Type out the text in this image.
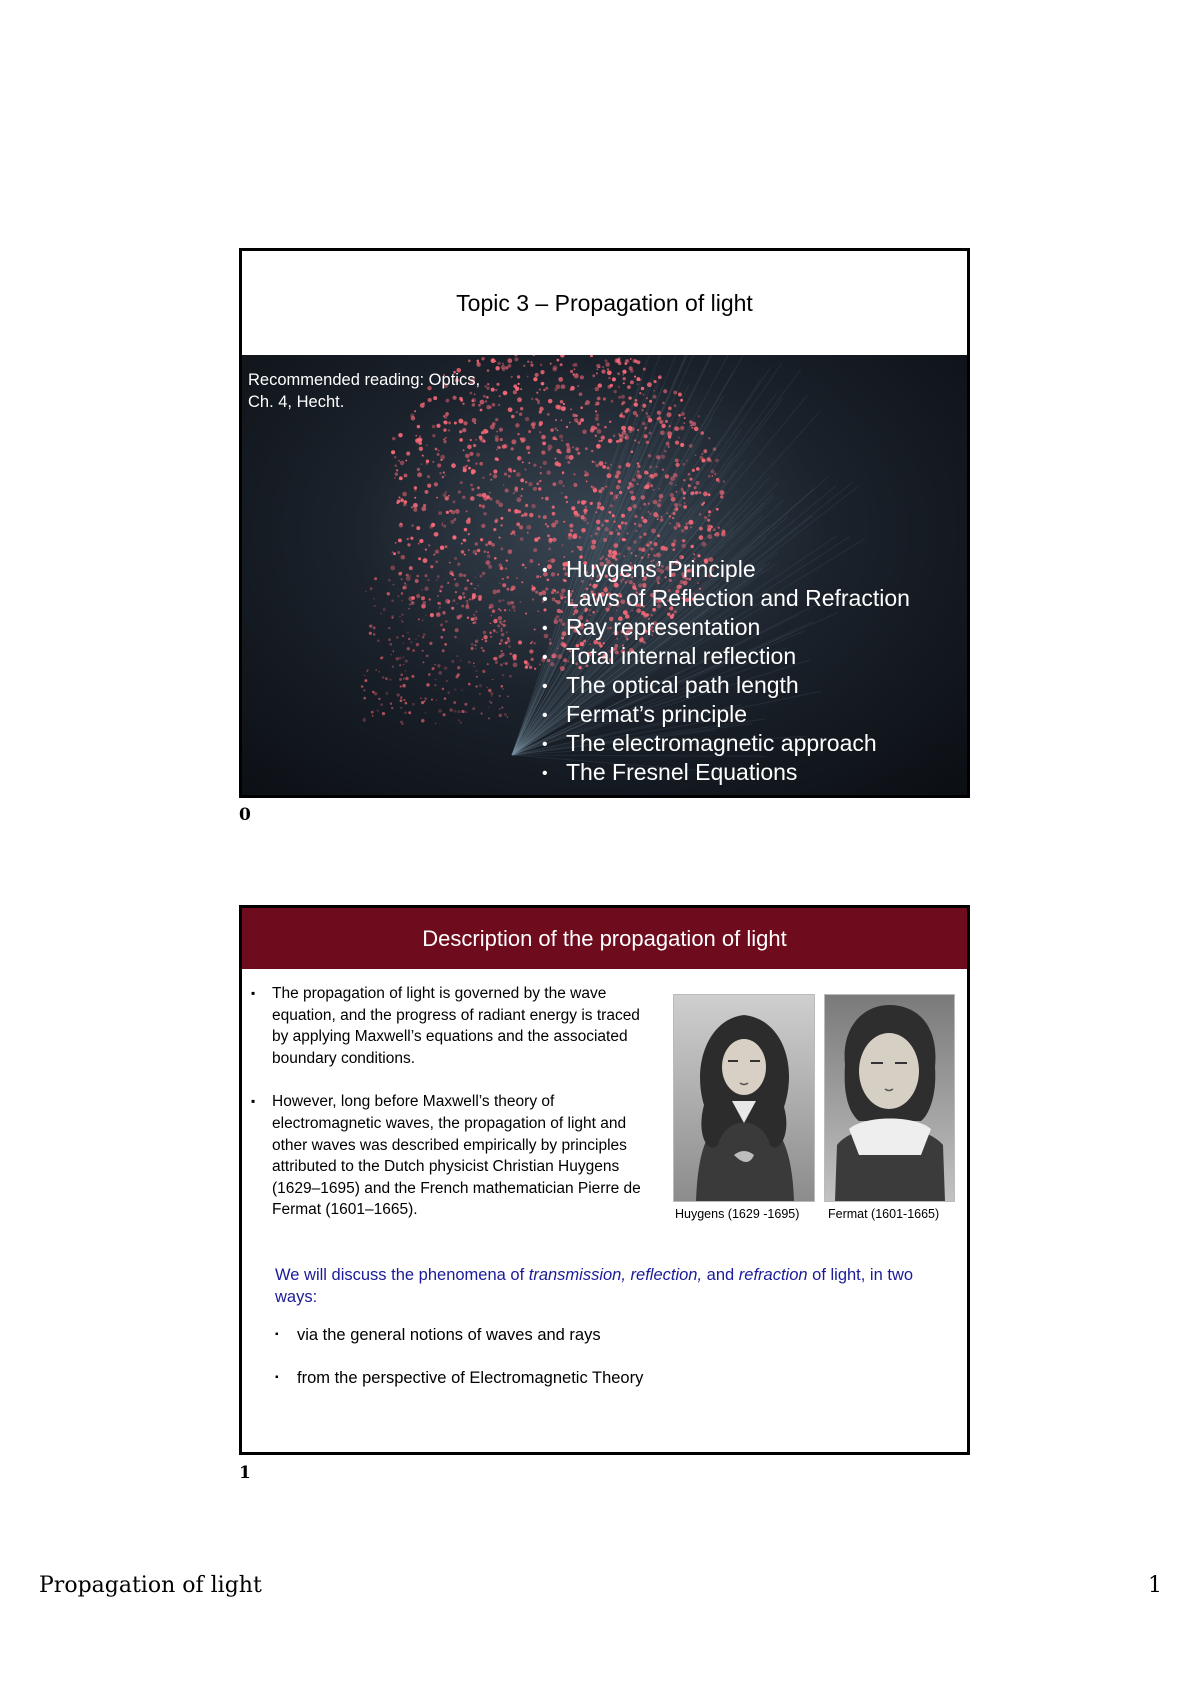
Topic 3 – Propagation of light
Recommended reading: Optics,
Ch. 4, Hecht.
• Huygens’ Principle
• Laws of Reflection and Refraction
• Ray representation
• Total internal reflection
• The optical path length
• Fermat’s principle
• The electromagnetic approach
• The Fresnel Equations
0
Description of the propagation of light
▪ The propagation of light is governed by the wave equation, and the progress of radiant energy is traced by applying Maxwell’s equations and the associated boundary conditions.
▪ However, long before Maxwell’s theory of electromagnetic waves, the propagation of light and other waves was described empirically by principles attributed to the Dutch physicist Christian Huygens (1629–1695) and the French mathematician Pierre de Fermat (1601–1665).	Huygens (1629 -1695) Fermat (1601-1665)
We will discuss the phenomena of transmission, reflection, and refraction of light, in two ways:
▪ via the general notions of waves and rays
▪ from the perspective of Electromagnetic Theory
1
Propagation of light	1
